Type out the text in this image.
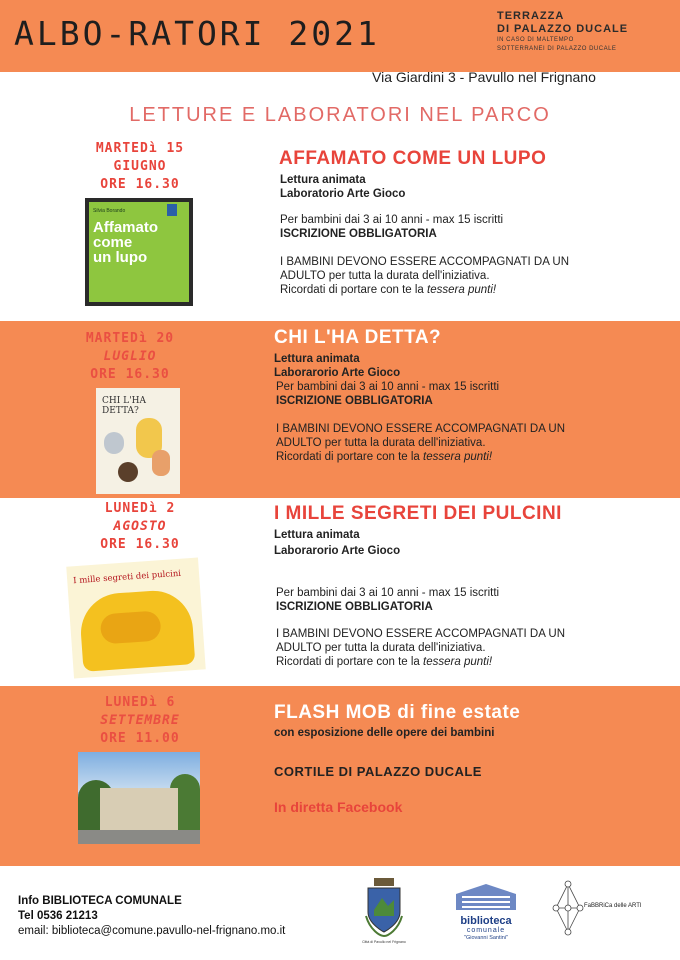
ALBO-RATORI 2021	TERRAZZA
DI PALAZZO DUCALE
IN CASO DI MALTEMPO
SOTTERRANEI DI PALAZZO DUCALE
Via Giardini 3 - Pavullo nel Frignano
LETTURE E LABORATORI NEL PARCO
MARTEDì 15
GIUGNO
ORE 16.30
Silvia Borando
Affamato
come
un lupo
AFFAMATO COME UN LUPO
Lettura animata
Laboratorio Arte Gioco
Per bambini dai 3 ai 10 anni - max 15 iscritti
ISCRIZIONE OBBLIGATORIA
I BAMBINI DEVONO ESSERE ACCOMPAGNATI DA UN
ADULTO per tutta la durata dell'iniziativa.
Ricordati di portare con te la tessera punti!
MARTEDì 20
LUGLIO
ORE 16.30
CHI L'HA DETTA?
CHI L'HA DETTA?
Lettura animata
Laborarorio Arte Gioco
Per bambini dai 3 ai 10 anni - max 15 iscritti
ISCRIZIONE OBBLIGATORIA
I BAMBINI DEVONO ESSERE ACCOMPAGNATI DA UN
ADULTO per tutta la durata dell'iniziativa.
Ricordati di portare con te la tessera punti!
LUNEDì 2
AGOSTO
ORE 16.30
I mille segreti dei pulcini
I MILLE SEGRETI DEI PULCINI
Lettura animata
Laborarorio Arte Gioco
Per bambini dai 3 ai 10 anni - max 15 iscritti
ISCRIZIONE OBBLIGATORIA
I BAMBINI DEVONO ESSERE ACCOMPAGNATI DA UN
ADULTO per tutta la durata dell'iniziativa.
Ricordati di portare con te la tessera punti!
LUNEDì 6
SETTEMBRE
ORE 11.00
FLASH MOB di fine estate
con esposizione delle opere dei bambini
CORTILE DI PALAZZO DUCALE
In diretta Facebook
Info BIBLIOTECA COMUNALE
Tel 0536 21213
email: biblioteca@comune.pavullo-nel-frignano.mo.it
Città di Pavullo nel Frignano
biblioteca
comunale
"Giovanni Santini"
FaBBRiCa delle ARTI
